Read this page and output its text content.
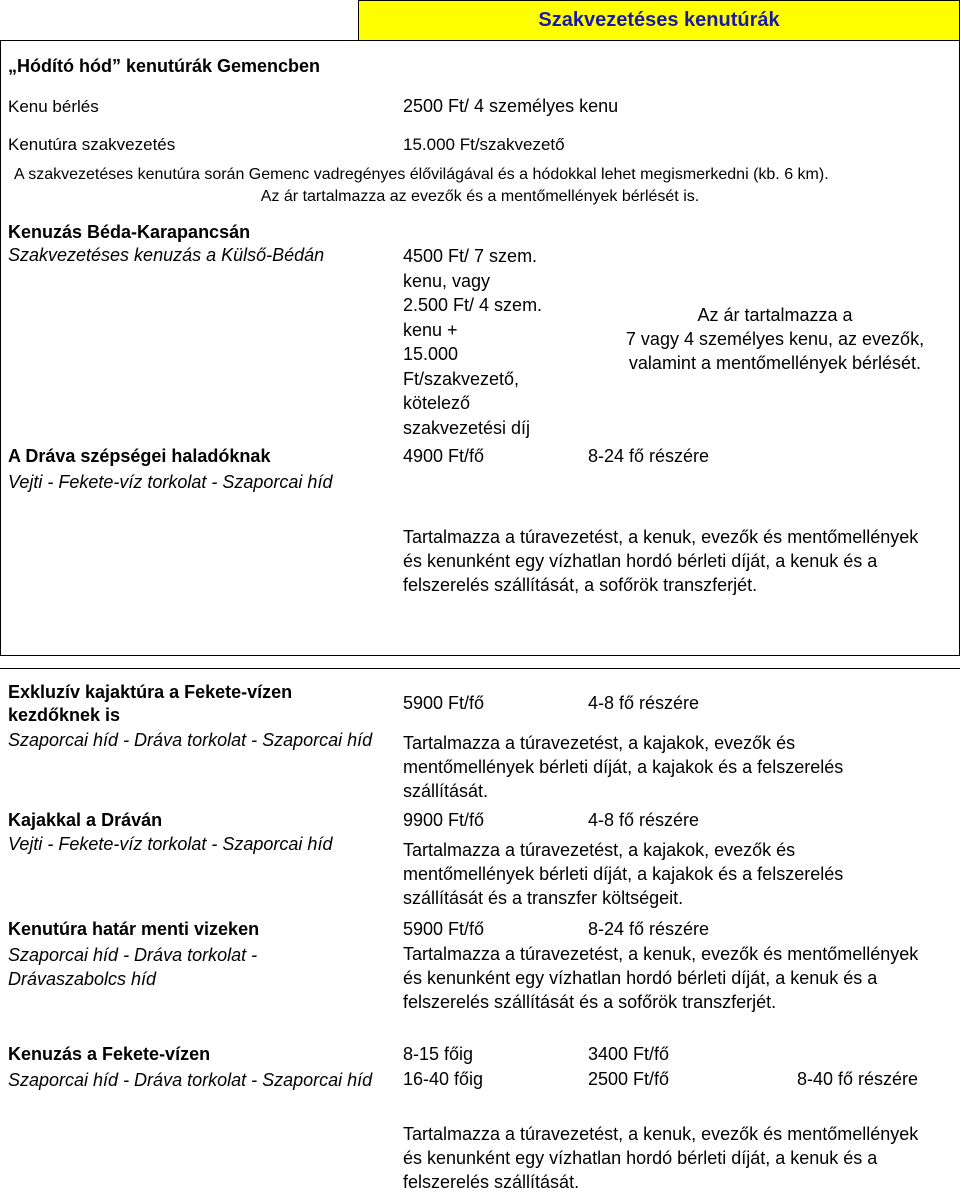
Szakvezetéses kenutúrák
„Hódító hód” kenutúrák Gemencben
Kenu bérlés	2500 Ft/ 4 személyes kenu
Kenutúra szakvezetés	15.000 Ft/szakvezető
A szakvezetéses kenutúra során Gemenc vadregényes élővilágával és a hódokkal lehet megismerkedni (kb. 6 km).
Az ár tartalmazza az evezők és a mentőmellények bérlését is.
Kenuzás Béda-Karapancsán
Szakvezetéses kenuzás a Külső-Bédán	4500 Ft/ 7 szem.
kenu, vagy
2.500 Ft/ 4 szem.
kenu +
15.000
Ft/szakvezető,
kötelező
szakvezetési díj
Az ár tartalmazza a
7 vagy 4 személyes kenu, az evezők,
valamint a mentőmellények bérlését.
A Dráva szépségei haladóknak
Vejti - Fekete-víz torkolat - Szaporcai híd
4900 Ft/fő	8-24 fő részére
Tartalmazza a túravezetést, a kenuk, evezők és mentőmellények és kenunként egy vízhatlan hordó bérleti díját, a kenuk és a felszerelés szállítását, a sofőrök transzferjét.
Exkluzív kajaktúra a Fekete-vízen kezdőknek is
Szaporcai híd - Dráva torkolat - Szaporcai híd
5900 Ft/fő	4-8 fő részére
Tartalmazza a túravezetést, a kajakok, evezők és mentőmellények bérleti díját, a kajakok és a felszerelés szállítását.
Kajakkal a Dráván
Vejti - Fekete-víz torkolat - Szaporcai híd
9900 Ft/fő	4-8 fő részére
Tartalmazza a túravezetést, a kajakok, evezők és mentőmellények bérleti díját, a kajakok és a felszerelés szállítását és a transzfer költségeit.
Kenutúra határ menti vizeken
Szaporcai híd - Dráva torkolat - Drávaszabolcs híd
5900 Ft/fő	8-24 fő részére
Tartalmazza a túravezetést, a kenuk, evezők és mentőmellények és kenunként egy vízhatlan hordó bérleti díját, a kenuk és a felszerelés szállítását és a sofőrök transzferjét.
Kenuzás a Fekete-vízen
Szaporcai híd - Dráva torkolat - Szaporcai híd
8-15 főig	3400 Ft/fő
16-40 főig	2500 Ft/fő	8-40 fő részére
Tartalmazza a túravezetést, a kenuk, evezők és mentőmellények és kenunként egy vízhatlan hordó bérleti díját, a kenuk és a felszerelés szállítását.
